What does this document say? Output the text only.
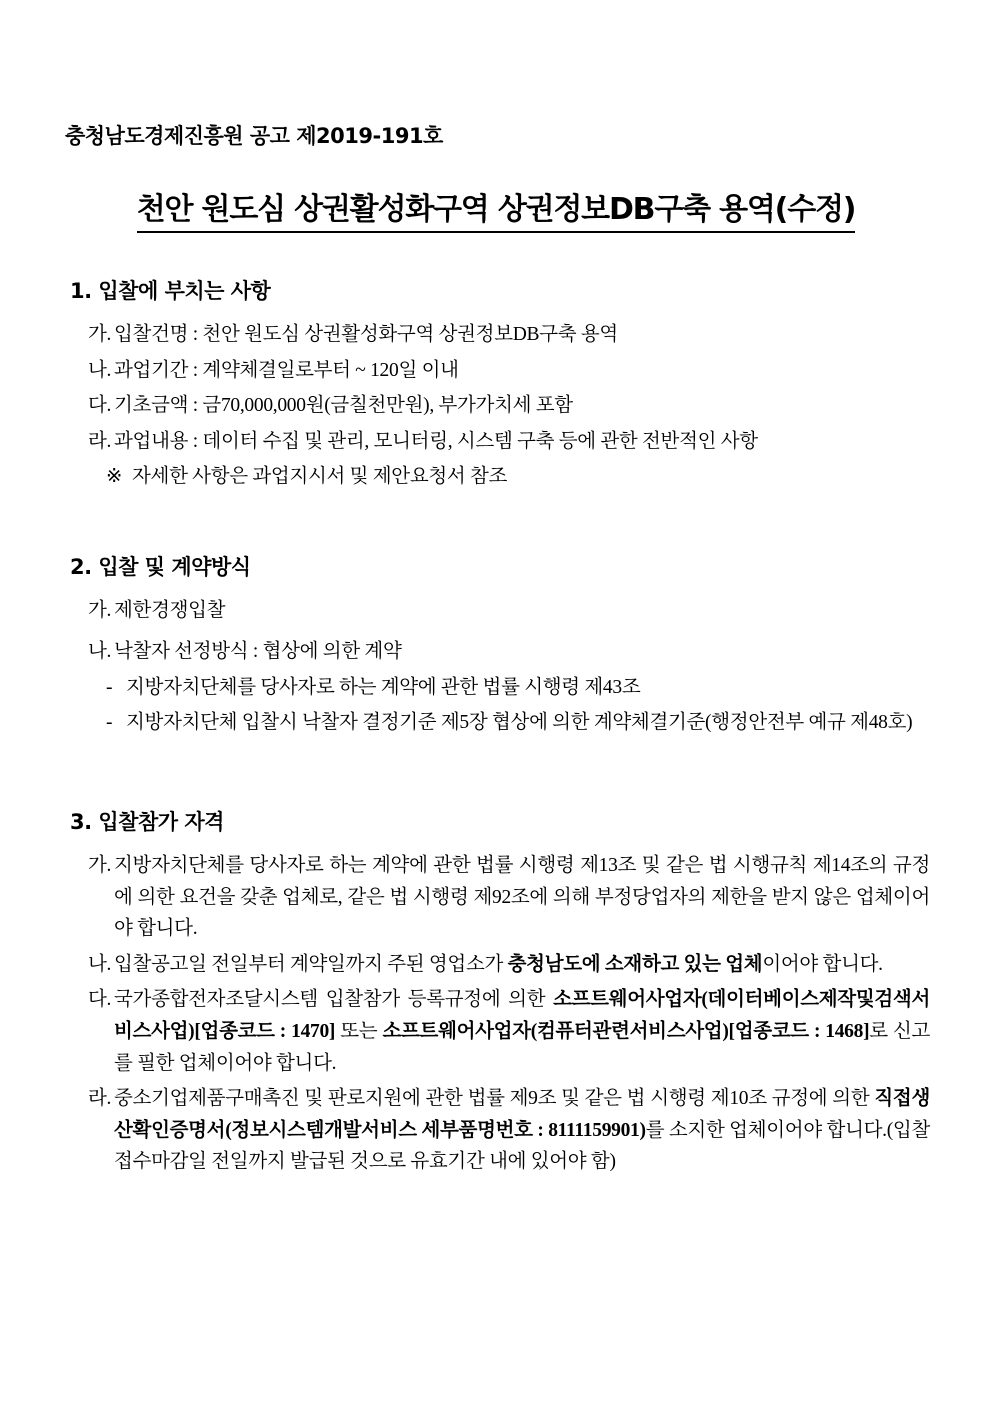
충청남도경제진흥원 공고 제2019-191호
천안 원도심 상권활성화구역 상권정보DB구축 용역(수정)
1. 입찰에 부치는 사항
가. 입찰건명 : 천안 원도심 상권활성화구역 상권정보DB구축 용역
나. 과업기간 : 계약체결일로부터 ~ 120일 이내
다. 기초금액 : 금70,000,000원(금칠천만원), 부가가치세 포함
라. 과업내용 : 데이터 수집 및 관리, 모니터링, 시스템 구축 등에 관한 전반적인 사항
※ 자세한 사항은 과업지시서 및 제안요청서 참조
2. 입찰 및 계약방식
가. 제한경쟁입찰
나. 낙찰자 선정방식 : 협상에 의한 계약
- 지방자치단체를 당사자로 하는 계약에 관한 법률 시행령 제43조
- 지방자치단체 입찰시 낙찰자 결정기준 제5장 협상에 의한 계약체결기준(행정안전부 예규 제48호)
3. 입찰참가 자격
가. 지방자치단체를 당사자로 하는 계약에 관한 법률 시행령 제13조 및 같은 법 시행규칙 제14조의 규정에 의한 요건을 갖춘 업체로, 같은 법 시행령 제92조에 의해 부정당업자의 제한을 받지 않은 업체이어야 합니다.
나. 입찰공고일 전일부터 계약일까지 주된 영업소가 충청남도에 소재하고 있는 업체이어야 합니다.
다. 국가종합전자조달시스템 입찰참가 등록규정에 의한 소프트웨어사업자(데이터베이스제작및검색서비스사업)[업종코드 : 1470] 또는 소프트웨어사업자(컴퓨터관련서비스사업)[업종코드 : 1468]로 신고를 필한 업체이어야 합니다.
라. 중소기업제품구매촉진 및 판로지원에 관한 법률 제9조 및 같은 법 시행령 제10조 규정에 의한 직접생산확인증명서(정보시스템개발서비스 세부품명번호 : 8111159901)를 소지한 업체이어야 합니다.(입찰접수마감일 전일까지 발급된 것으로 유효기간 내에 있어야 함)
